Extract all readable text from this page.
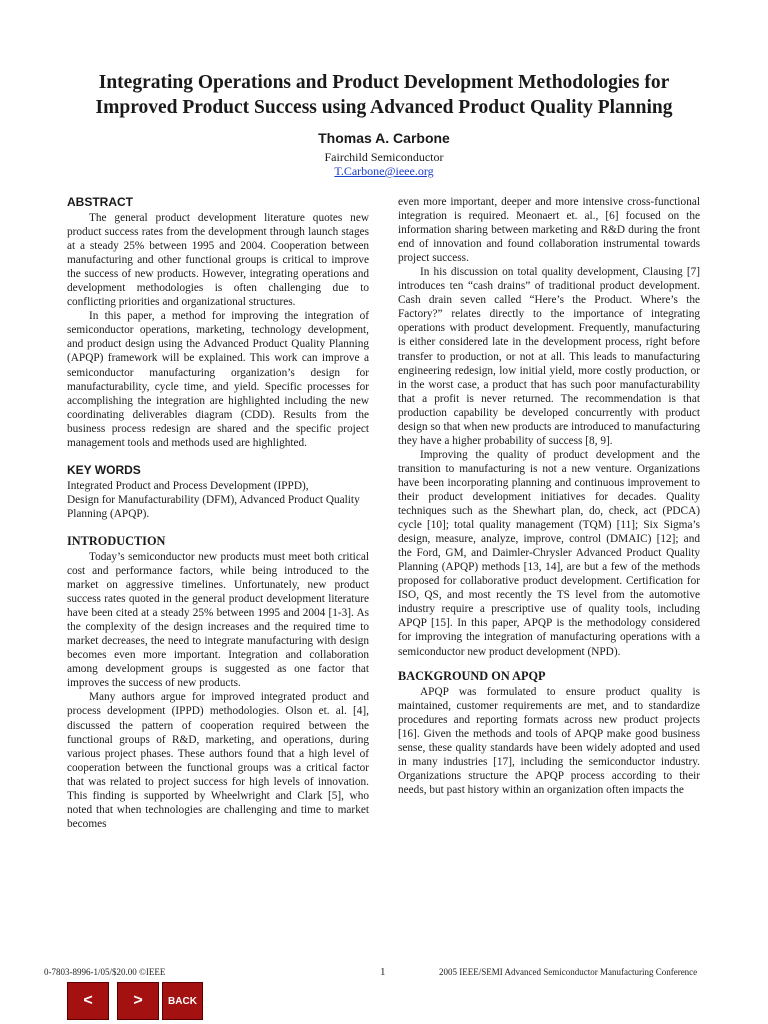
Integrating Operations and Product Development Methodologies for
Improved Product Success using Advanced Product Quality Planning
Thomas A. Carbone
Fairchild Semiconductor
T.Carbone@ieee.org
ABSTRACT

The general product development literature quotes new product success rates from the development through launch stages at a steady 25% between 1995 and 2004. Cooperation between manufacturing and other functional groups is critical to improve the success of new products. However, integrating operations and development methodologies is often challenging due to conflicting priorities and organizational structures.

In this paper, a method for improving the integration of semiconductor operations, marketing, technology development, and product design using the Advanced Product Quality Planning (APQP) framework will be explained. This work can improve a semiconductor manufacturing organization’s design for manufacturability, cycle time, and yield. Specific processes for accomplishing the integration are highlighted including the new coordinating deliverables diagram (CDD). Results from the business process redesign are shared and the specific project management tools and methods used are highlighted.

KEY WORDS

Integrated Product and Process Development (IPPD),

Design for Manufacturability (DFM), Advanced Product Quality Planning (APQP).

INTRODUCTION

Today’s semiconductor new products must meet both critical cost and performance factors, while being introduced to the market on aggressive timelines. Unfortunately, new product success rates quoted in the general product development literature have been cited at a steady 25% between 1995 and 2004 [1-3]. As the complexity of the design increases and the required time to market decreases, the need to integrate manufacturing with design becomes even more important. Integration and collaboration among development groups is suggested as one factor that improves the success of new products.

Many authors argue for improved integrated product and process development (IPPD) methodologies. Olson et. al. [4], discussed the pattern of cooperation required between the functional groups of R&D, marketing, and operations, during various project phases. These authors found that a high level of cooperation between the functional groups was a critical factor that was related to project success for high levels of innovation. This finding is supported by Wheelwright and Clark [5], who noted that when technologies are challenging and time to market becomes

even more important, deeper and more intensive cross-functional integration is required. Meonaert et. al., [6] focused on the information sharing between marketing and R&D during the front end of innovation and found collaboration instrumental towards project success.

In his discussion on total quality development, Clausing [7] introduces ten “cash drains” of traditional product development. Cash drain seven called “Here’s the Product. Where’s the Factory?” relates directly to the importance of integrating operations with product development. Frequently, manufacturing is either considered late in the development process, right before transfer to production, or not at all. This leads to manufacturing engineering redesign, low initial yield, more costly production, or in the worst case, a product that has such poor manufacturability that a profit is never returned. The recommendation is that production capability be developed concurrently with product design so that when new products are introduced to manufacturing they have a higher probability of success [8, 9].

Improving the quality of product development and the transition to manufacturing is not a new venture. Organizations have been incorporating planning and continuous improvement to their product development initiatives for decades. Quality techniques such as the Shewhart plan, do, check, act (PDCA) cycle [10]; total quality management (TQM) [11]; Six Sigma’s design, measure, analyze, improve, control (DMAIC) [12]; and the Ford, GM, and Daimler-Chrysler Advanced Product Quality Planning (APQP) methods [13, 14], are but a few of the methods proposed for collaborative product development. Certification for ISO, QS, and most recently the TS level from the automotive industry require a prescriptive use of quality tools, including APQP [15]. In this paper, APQP is the methodology considered for improving the integration of manufacturing operations with a semiconductor new product development (NPD).

BACKGROUND ON APQP

APQP was formulated to ensure product quality is maintained, customer requirements are met, and to standardize procedures and reporting formats across new product projects [16]. Given the methods and tools of APQP make good business sense, these quality standards have been widely adopted and used in many industries [17], including the semiconductor industry. Organizations structure the APQP process according to their needs, but past history within an organization often impacts the

0-7803-8996-1/05/$20.00 ©IEEE	1	2005 IEEE/SEMI Advanced Semiconductor Manufacturing Conference
<	>	BACK
